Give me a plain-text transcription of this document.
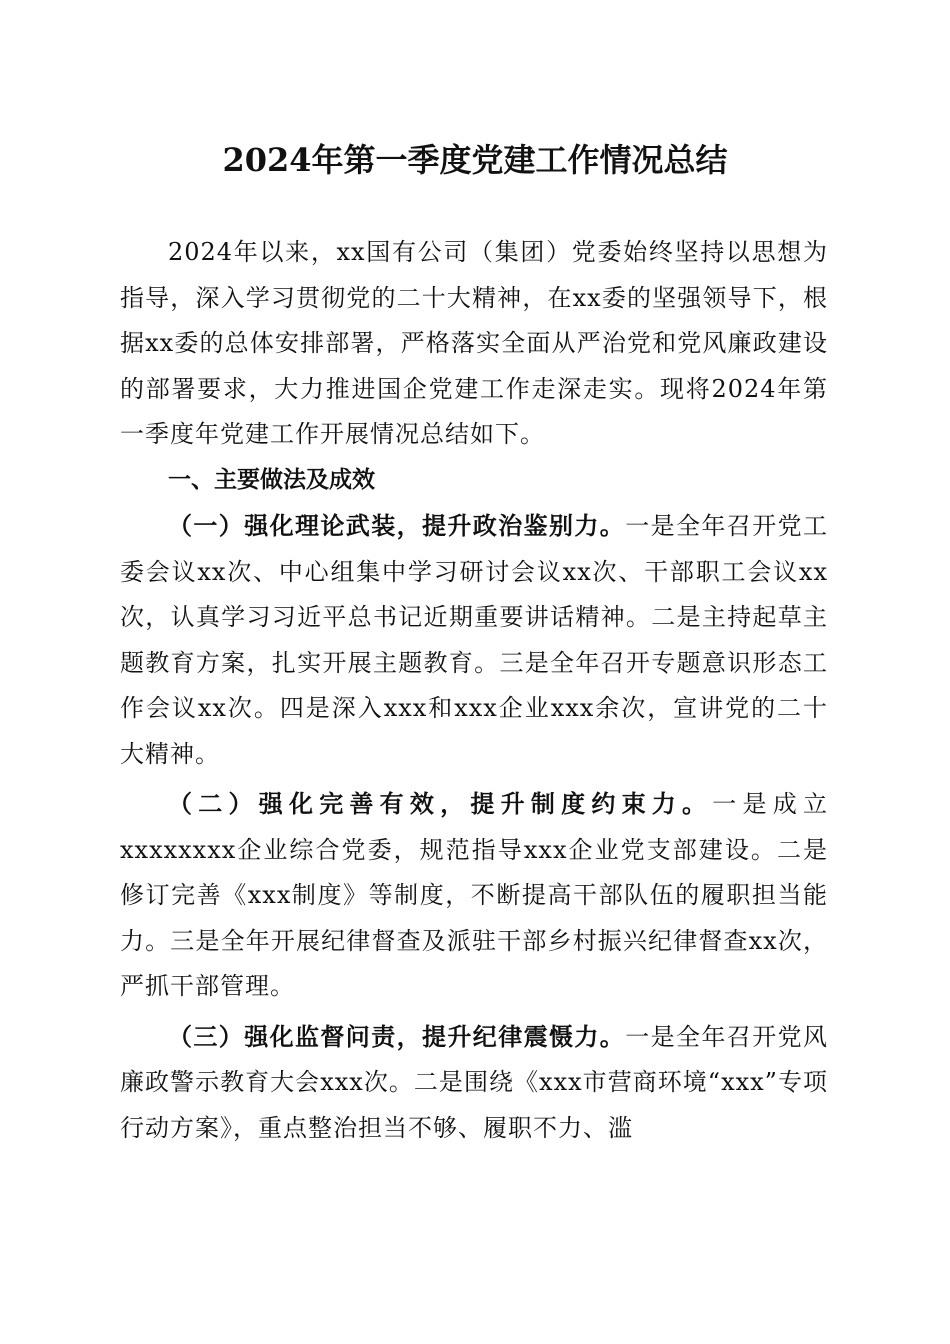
2024年第一季度党建工作情况总结

2024年以来，xx国有公司（集团）党委始终坚持以思想为指导，深入学习贯彻党的二十大精神，在xx委的坚强领导下，根据xx委的总体安排部署，严格落实全面从严治党和党风廉政建设的部署要求，大力推进国企党建工作走深走实。现将2024年第一季度年党建工作开展情况总结如下。

一、主要做法及成效

（一）强化理论武装，提升政治鉴别力。一是全年召开党工委会议xx次、中心组集中学习研讨会议xx次、干部职工会议xx次，认真学习习近平总书记近期重要讲话精神。二是主持起草主题教育方案，扎实开展主题教育。三是全年召开专题意识形态工作会议xx次。四是深入xxx和xxx企业xxx余次，宣讲党的二十大精神。

（二）强化完善有效，提升制度约束力。一是成立xxxxxxxx企业综合党委，规范指导xxx企业党支部建设。二是修订完善《xxx制度》等制度，不断提高干部队伍的履职担当能力。三是全年开展纪律督查及派驻干部乡村振兴纪律督查xx次，严抓干部管理。

（三）强化监督问责，提升纪律震慑力。一是全年召开党风廉政警示教育大会xxx次。二是围绕《xxx市营商环境“xxx”专项行动方案》，重点整治担当不够、履职不力、滥
